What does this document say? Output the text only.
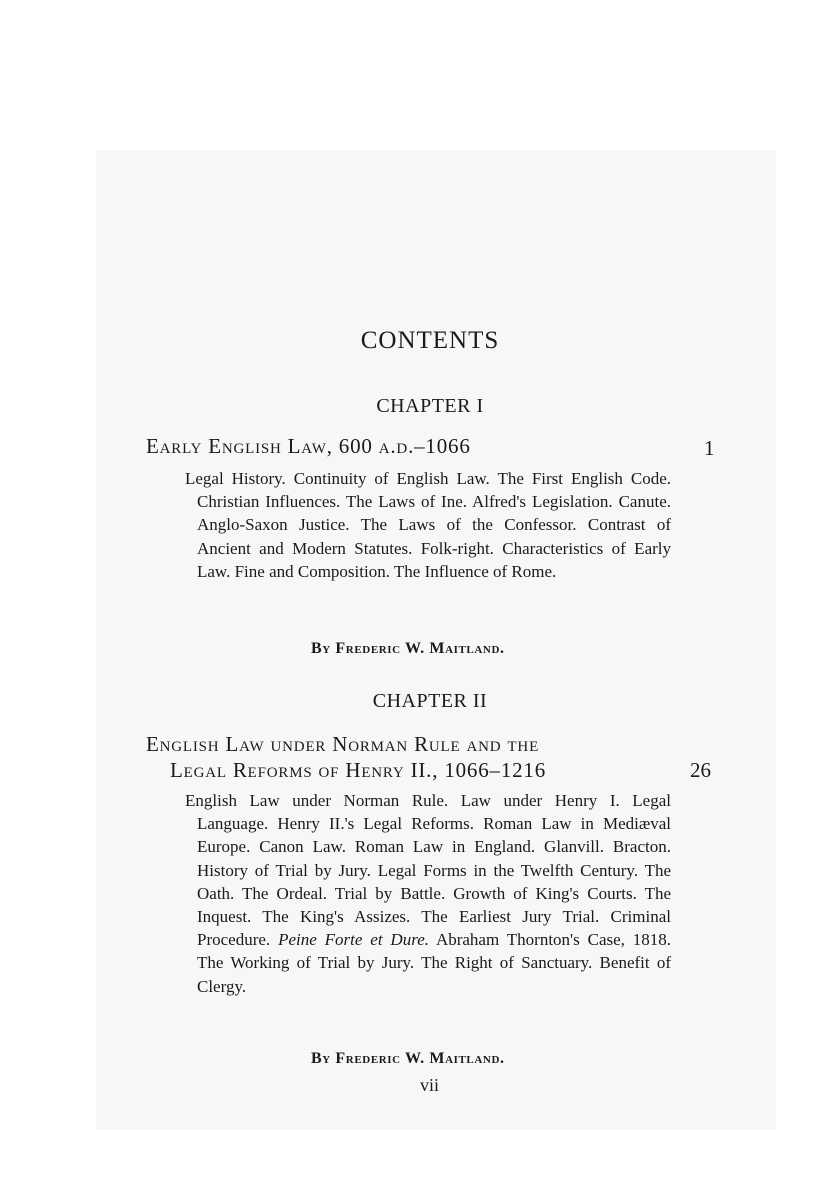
CONTENTS
CHAPTER I
Early English Law, 600 a.d.–1066	1
Legal History. Continuity of English Law. The First English Code. Christian Influences. The Laws of Ine. Alfred's Legislation. Canute. Anglo-Saxon Justice. The Laws of the Confessor. Contrast of Ancient and Modern Statutes. Folk-right. Characteristics of Early Law. Fine and Composition. The Influence of Rome.
By Frederic W. Maitland.
CHAPTER II
English Law under Norman Rule and the
Legal Reforms of Henry II., 1066–1216	26
English Law under Norman Rule. Law under Henry I. Legal Language. Henry II.'s Legal Reforms. Roman Law in Mediæval Europe. Canon Law. Roman Law in England. Glanvill. Bracton. History of Trial by Jury. Legal Forms in the Twelfth Century. The Oath. The Ordeal. Trial by Battle. Growth of King's Courts. The Inquest. The King's Assizes. The Earliest Jury Trial. Criminal Procedure. Peine Forte et Dure. Abraham Thornton's Case, 1818. The Working of Trial by Jury. The Right of Sanctuary. Benefit of Clergy.
By Frederic W. Maitland.
vii
